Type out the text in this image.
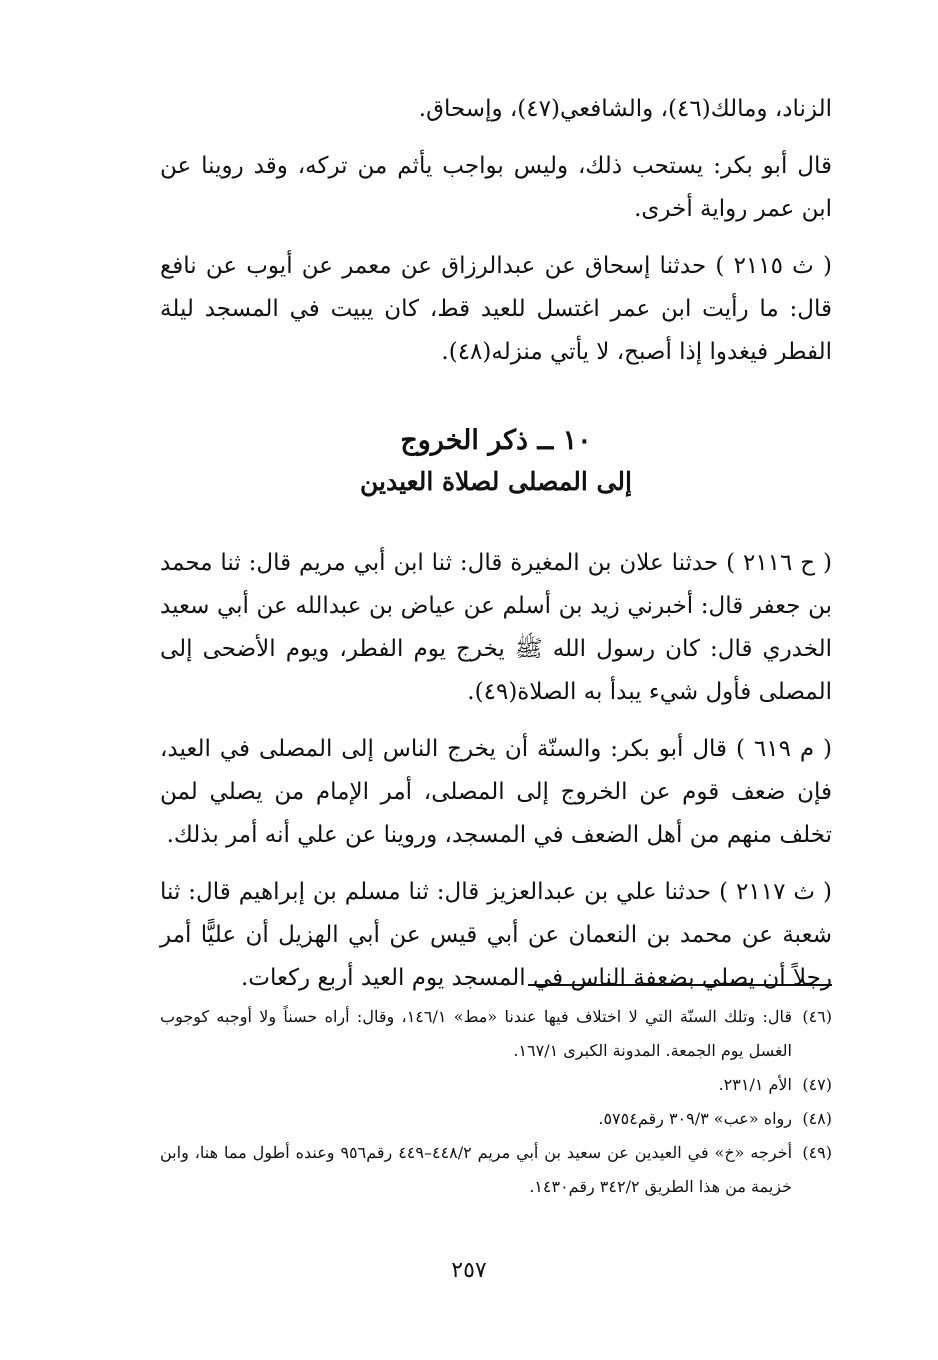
الزناد، ومالك(٤٦)، والشافعي(٤٧)، وإسحاق.

قال أبو بكر: يستحب ذلك، وليس بواجب يأثم من تركه، وقد روينا عن ابن عمر رواية أخرى.

( ث ٢١١٥ ) حدثنا إسحاق عن عبدالرزاق عن معمر عن أيوب عن نافع قال: ما رأيت ابن عمر اغتسل للعيد قط، كان يبيت في المسجد ليلة الفطر فيغدوا إذا أصبح، لا يأتي منزله(٤٨).

١٠ ــ ذكر الخروج
إلى المصلى لصلاة العيدين

( ح ٢١١٦ ) حدثنا علان بن المغيرة قال: ثنا ابن أبي مريم قال: ثنا محمد بن جعفر قال: أخبرني زيد بن أسلم عن عياض بن عبدالله عن أبي سعيد الخدري قال: كان رسول الله ﷺ يخرج يوم الفطر، ويوم الأضحى إلى المصلى فأول شيء يبدأ به الصلاة(٤٩).

( م ٦١٩ ) قال أبو بكر: والسنّة أن يخرج الناس إلى المصلى في العيد، فإن ضعف قوم عن الخروج إلى المصلى، أمر الإمام من يصلي لمن تخلف منهم من أهل الضعف في المسجد، وروينا عن علي أنه أمر بذلك.

( ث ٢١١٧ ) حدثنا علي بن عبدالعزيز قال: ثنا مسلم بن إبراهيم قال: ثنا شعبة عن محمد بن النعمان عن أبي قيس عن أبي الهزيل أن عليًّا أمر رجلاً أن يصلي بضعفة الناس في المسجد يوم العيد أربع ركعات.

(٤٦)
قال: وتلك السنّة التي لا اختلاف فيها عندنا «مط» ١٤٦/١، وقال: أراه حسناً ولا أوجبه كوجوب الغسل يوم الجمعة. المدونة الكبرى ١٦٧/١.
(٤٧)
الأم ٢٣١/١.
(٤٨)
رواه «عب» ٣٠٩/٣ رقم٥٧٥٤.
(٤٩)
أخرجه «خ» في العيدين عن سعيد بن أبي مريم ٤٤٨/٢–٤٤٩ رقم٩٥٦ وعنده أطول مما هنا، وابن خزيمة من هذا الطريق ٣٤٢/٢ رقم١٤٣٠.
٢٥٧
